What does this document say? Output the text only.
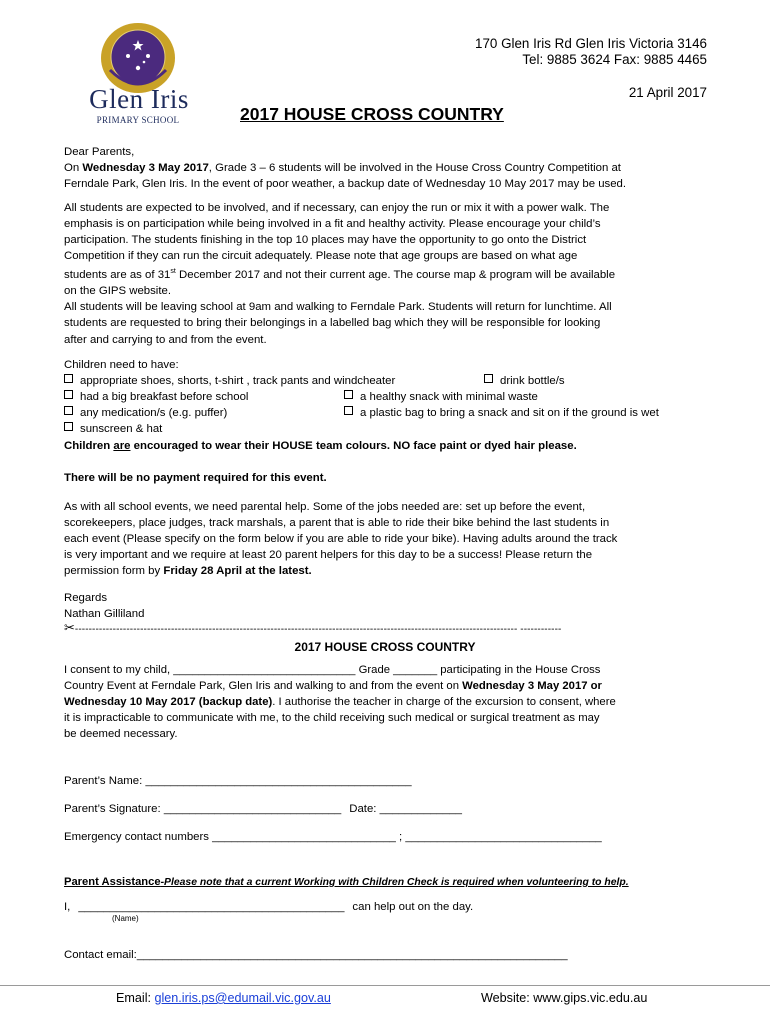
Glen Iris
PRIMARY SCHOOL
170 Glen Iris Rd Glen Iris Victoria 3146
Tel: 9885 3624 Fax: 9885 4465
21 April 2017
2017 HOUSE CROSS COUNTRY
Dear Parents,
On Wednesday 3 May 2017, Grade 3 – 6 students will be involved in the House Cross Country Competition at
Ferndale Park, Glen Iris. In the event of poor weather, a backup date of Wednesday 10 May 2017 may be used.
All students are expected to be involved, and if necessary, can enjoy the run or mix it with a power walk. The
emphasis is on participation while being involved in a fit and healthy activity. Please encourage your child’s
participation. The students finishing in the top 10 places may have the opportunity to go onto the District
Competition if they can run the circuit adequately. Please note that age groups are based on what age
students are as of 31st December 2017 and not their current age. The course map & program will be available
on the GIPS website.
All students will be leaving school at 9am and walking to Ferndale Park. Students will return for lunchtime. All
students are requested to bring their belongings in a labelled bag which they will be responsible for looking
after and carrying to and from the event.
Children need to have:
appropriate shoes, shorts, t-shirt , track pants and windcheater	drink bottle/s
had a big breakfast before school	a healthy snack with minimal waste
any medication/s (e.g. puffer)	a plastic bag to bring a snack and sit on if the ground is wet
sunscreen & hat
Children are encouraged to wear their HOUSE team colours. NO face paint or dyed hair please.
There will be no payment required for this event.
As with all school events, we need parental help. Some of the jobs needed are: set up before the event,
scorekeepers, place judges, track marshals, a parent that is able to ride their bike behind the last students in
each event (Please specify on the form below if you are able to ride your bike). Having adults around the track
is very important and we require at least 20 parent helpers for this day to be a success! Please return the
permission form by Friday 28 April at the latest.
Regards
Nathan Gilliland
✂--------------------------------------------------------------------------------------------------------------------------------- ------------
2017 HOUSE CROSS COUNTRY
I consent to my child, _____________________________ Grade _______ participating in the House Cross
Country Event at Ferndale Park, Glen Iris and walking to and from the event on Wednesday 3 May 2017 or
Wednesday 10 May 2017 (backup date). I authorise the teacher in charge of the excursion to consent, where
it is impracticable to communicate with me, to the child receiving such medical or surgical treatment as may
be deemed necessary.
Parent’s Name: __________________________________________
Parent’s Signature: ____________________________ Date: _____________
Emergency contact numbers _____________________________ ; _______________________________
Parent Assistance-Please note that a current Working with Children Check is required when volunteering to help.
I, __________________________________________ can help out on the day.
(Name)
Contact email:____________________________________________________________________
Email: glen.iris.ps@edumail.vic.gov.au	Website: www.gips.vic.edu.au
